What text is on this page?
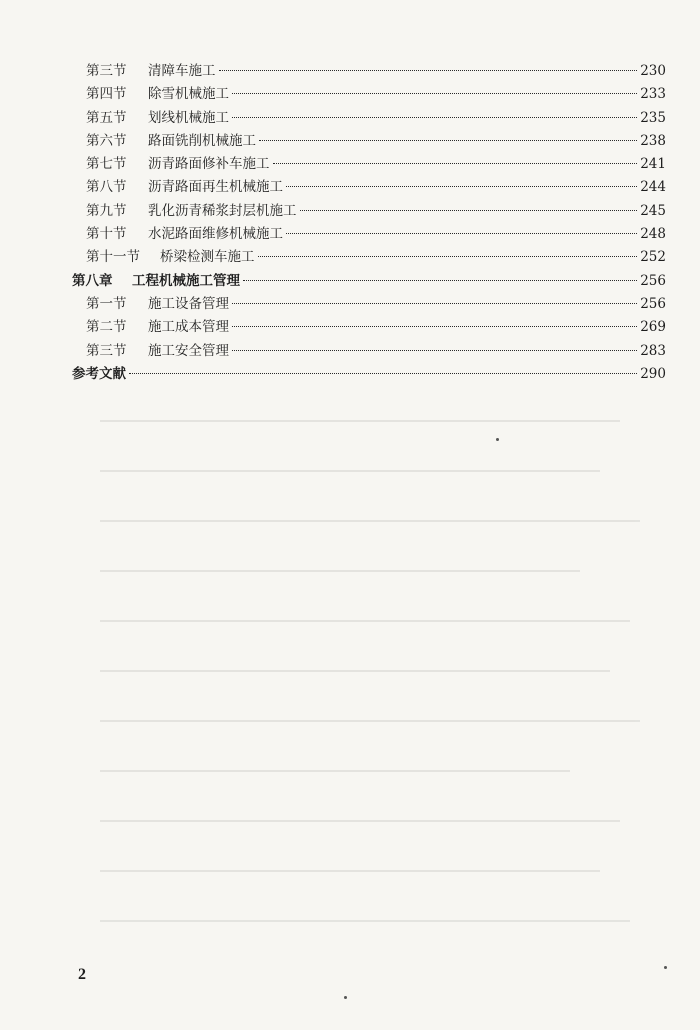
第三节	清障车施工	230
第四节	除雪机械施工	233
第五节	划线机械施工	235
第六节	路面铣削机械施工	238
第七节	沥青路面修补车施工	241
第八节	沥青路面再生机械施工	244
第九节	乳化沥青稀浆封层机施工	245
第十节	水泥路面维修机械施工	248
第十一节	桥梁检测车施工	252
第八章	工程机械施工管理	256
第一节	施工设备管理	256
第二节	施工成本管理	269
第三节	施工安全管理	283
参考文献	290
2
